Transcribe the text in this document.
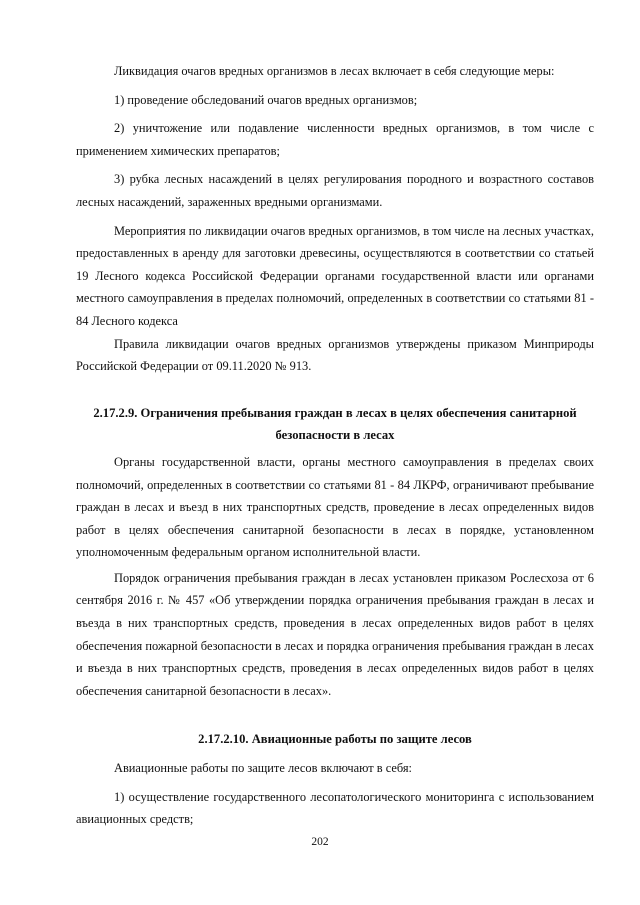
Ликвидация очагов вредных организмов в лесах включает в себя следующие меры:

1) проведение обследований очагов вредных организмов;

2) уничтожение или подавление численности вредных организмов, в том числе с применением химических препаратов;

3) рубка лесных насаждений в целях регулирования породного и возрастного составов лесных насаждений, зараженных вредными организмами.

Мероприятия по ликвидации очагов вредных организмов, в том числе на лесных участках, предоставленных в аренду для заготовки древесины, осуществляются в соответствии со статьей 19 Лесного кодекса Российской Федерации органами государственной власти или органами местного самоуправления в пределах полномочий, определенных в соответствии со статьями 81 - 84 Лесного кодекса

Правила ликвидации очагов вредных организмов утверждены приказом Минприроды Российской Федерации от 09.11.2020 № 913.

2.17.2.9. Ограничения пребывания граждан в лесах в целях обеспечения санитарной безопасности в лесах

Органы государственной власти, органы местного самоуправления в пределах своих полномочий, определенных в соответствии со статьями 81 - 84 ЛКРФ, ограничивают пребывание граждан в лесах и въезд в них транспортных средств, проведение в лесах определенных видов работ в целях обеспечения санитарной безопасности в лесах в порядке, установленном уполномоченным федеральным органом исполнительной власти.

Порядок ограничения пребывания граждан в лесах установлен приказом Рослесхоза от 6 сентября 2016 г. № 457 «Об утверждении порядка ограничения пребывания граждан в лесах и въезда в них транспортных средств, проведения в лесах определенных видов работ в целях обеспечения пожарной безопасности в лесах и порядка ограничения пребывания граждан в лесах и въезда в них транспортных средств, проведения в лесах определенных видов работ в целях обеспечения санитарной безопасности в лесах».

2.17.2.10. Авиационные работы по защите лесов

Авиационные работы по защите лесов включают в себя:

1) осуществление государственного лесопатологического мониторинга с использованием авиационных средств;

202
